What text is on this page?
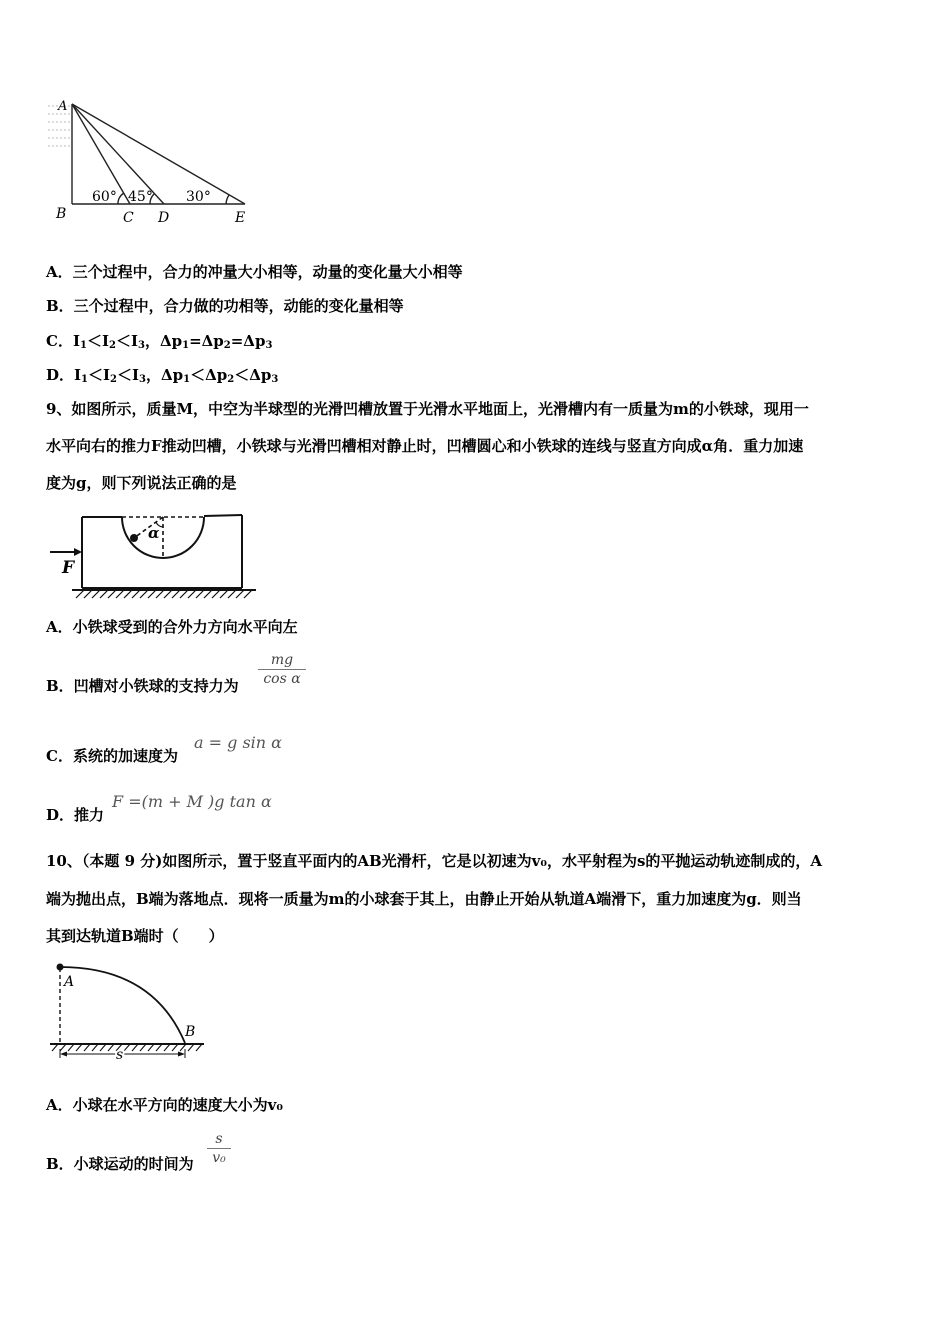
A
B	C D	E
60° 45° 30°
A．三个过程中，合力的冲量大小相等，动量的变化量大小相等
B．三个过程中，合力做的功相等，动能的变化量相等
C．$I_1<I_2<I_3$，$\Delta p_1=\Delta p_2=\Delta p_3$
D．$I_1<I_2<I_3$，$\Delta p_1<\Delta p_2<\Delta p_3$
9、如图所示，质量M，中空为半球型的光滑凹槽放置于光滑水平地面上，光滑槽内有一质量为m的小铁球，现用一
水平向右的推力F推动凹槽，小铁球与光滑凹槽相对静止时，凹槽圆心和小铁球的连线与竖直方向成α角．重力加速
度为g，则下列说法正确的是
α
F
A．小铁球受到的合外力方向水平向左
B．凹槽对小铁球的支持力为
mg
cos α
C．系统的加速度为
a = g sin α
D．推力
F =(m + M )g tan α
10、（本题 9 分)如图所示，置于竖直平面内的AB光滑杆，它是以初速为v₀，水平射程为s的平抛运动轨迹制成的，A
端为抛出点，B端为落地点．现将一质量为m的小球套于其上，由静止开始从轨道A端滑下，重力加速度为g．则当
其到达轨道B端时（　　）
A
B
s
A．小球在水平方向的速度大小为v₀
B．小球运动的时间为
s
v₀
